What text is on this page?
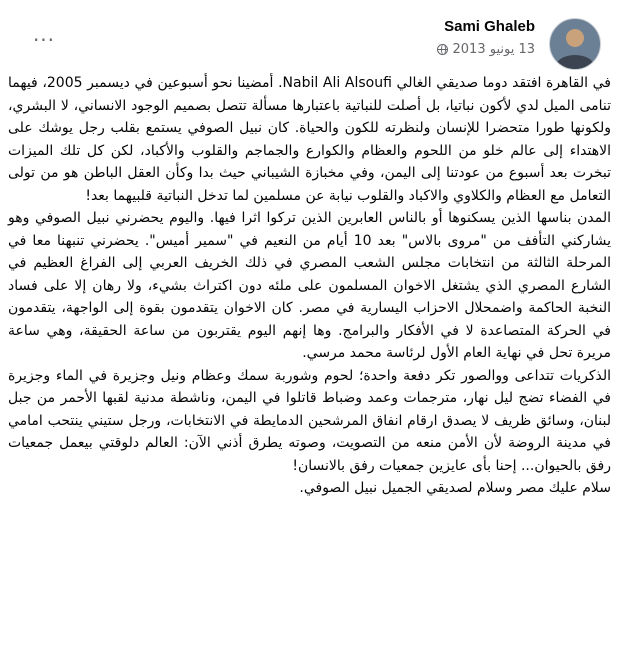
Sami Ghaleb
13 يونيو 2013
···

في القاهرة افتقد دوما صديقي الغالي Nabil Ali Alsoufi. أمضينا نحو أسبوعين في ديسمبر 2005، فيهما تنامى الميل لدي لأكون نباتيا، بل أصلت للنباتية باعتبارها مسألة تتصل بصميم الوجود الانساني، لا البشري، ولكونها طورا متحضرا للإنسان ولنظرته للكون والحياة. كان نبيل الصوفي يستمع بقلب رجل يوشك على الاهتداء إلى عالم خلو من اللحوم والعظام والكوارع والجماجم والقلوب والأكباد، لكن كل تلك الميزات تبخرت بعد أسبوع من عودتنا إلى اليمن، وفي مخبازة الشيباني حيث بدا وكأن العقل الباطن هو من تولى التعامل مع العظام والكلاوي والاكباد والقلوب نيابة عن مسلمين لما تدخل النباتية قلبيهما بعد!

المدن بناسها الذين يسكنوها أو بالناس العابرين الذين تركوا اثرا فيها. واليوم يحضرني نبيل الصوفي وهو يشاركني التأفف من "مروى بالاس" بعد 10 أيام من النعيم في "سمير أميس". يحضرني تنبهنا معا في المرحلة الثالثة من انتخابات مجلس الشعب المصري في ذلك الخريف العربي إلى الفراغ العظيم في الشارع المصري الذي يشتغل الاخوان المسلمون على ملئه دون اكتراث بشيء، ولا رهان إلا على فساد النخبة الحاكمة واضمحلال الاحزاب اليسارية في مصر. كان الاخوان يتقدمون بقوة إلى الواجهة، يتقدمون في الحركة المتصاعدة لا في الأفكار والبرامج. وها إنهم اليوم يقتربون من ساعة الحقيقة، وهي ساعة مريرة تحل في نهاية العام الأول لرئاسة محمد مرسي.

الذكريات تتداعى ووالصور تكر دفعة واحدة؛ لحوم وشوربة سمك وعظام ونيل وجزيرة في الماء وجزيرة في الفضاء تضج ليل نهار، مترجمات وعمد وضباط قاتلوا في اليمن، وناشطة مدنية لقبها الأحمر من جبل لبنان، وسائق ظريف لا يصدق ارقام انفاق المرشحين الدمايطة في الانتخابات، ورجل ستيني ينتحب امامي في مدينة الروضة لأن الأمن منعه من التصويت، وصوته يطرق أذني الآن: العالم دلوقتي بيعمل جمعيات رفق بالحيوان... إحنا بأى عايزين جمعيات رفق بالانسان!

سلام عليك مصر وسلام لصديقي الجميل نبيل الصوفي.
